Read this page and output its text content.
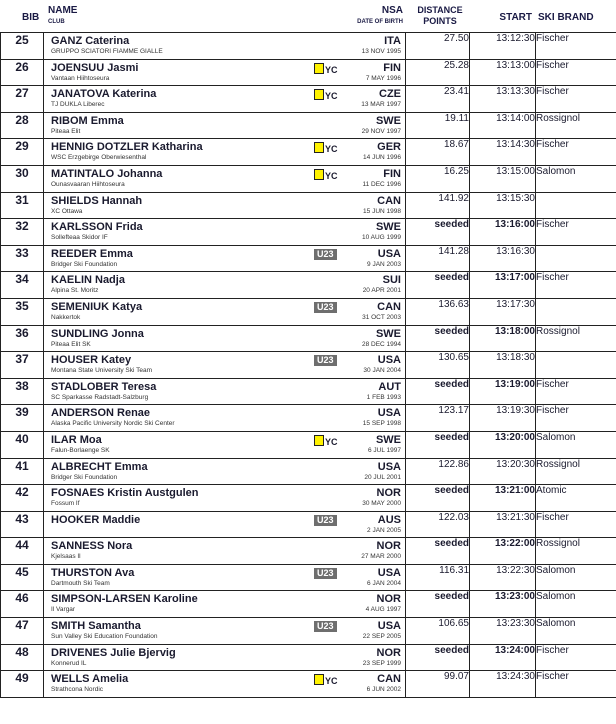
BIB
NAME
CLUB
NSA
DATE OF BIRTH
DISTANCE
POINTS	START SKI BRAND
25	GANZ Caterina
GRUPPO SCIATORI FIAMME GIALLE
ITA
13 NOV 1995	27.50	13:12:30	Fischer
26	JOENSUU Jasmi
Vantaan Hiihtoseura
YC FIN
7 MAY 1996	25.28	13:13:00	Fischer
27	JANATOVA Katerina
TJ DUKLA Liberec
YC CZE
13 MAR 1997	23.41	13:13:30	Fischer
28	RIBOM Emma
Piteaa Elit
SWE
29 NOV 1997	19.11	13:14:00	Rossignol
29	HENNIG DOTZLER Katharina
WSC Erzgebirge Oberwiesenthal
YC GER
14 JUN 1996	18.67	13:14:30	Fischer
30	MATINTALO Johanna
Ounasvaaran Hiihtoseura
YC FIN
11 DEC 1996	16.25	13:15:00	Salomon
31	SHIELDS Hannah
XC Ottawa
CAN
15 JUN 1998	141.92	13:15:30	
32	KARLSSON Frida
Sollefteaa Skidor IF
SWE
10 AUG 1999	seeded	13:16:00	Fischer
33	REEDER Emma
Bridger Ski Foundation
U23 USA
9 JAN 2003	141.28	13:16:30	
34	KAELIN Nadja
Alpina St. Moritz
SUI
20 APR 2001	seeded	13:17:00	Fischer
35	SEMENIUK Katya
Nakkertok
U23 CAN
31 OCT 2003	136.63	13:17:30	
36	SUNDLING Jonna
Piteaa Elit SK
SWE
28 DEC 1994	seeded	13:18:00	Rossignol
37	HOUSER Katey
Montana State University Ski Team
U23 USA
30 JAN 2004	130.65	13:18:30	
38	STADLOBER Teresa
SC Sparkasse Radstadt-Salzburg
AUT
1 FEB 1993	seeded	13:19:00	Fischer
39	ANDERSON Renae
Alaska Pacific University Nordic Ski Center
USA
15 SEP 1998	123.17	13:19:30	Fischer
40	ILAR Moa
Falun-Borlaenge SK
YC SWE
6 JUL 1997	seeded	13:20:00	Salomon
41	ALBRECHT Emma
Bridger Ski Foundation
USA
20 JUL 2001	122.86	13:20:30	Rossignol
42	FOSNAES Kristin Austgulen
Fossum If
NOR
30 MAY 2000	seeded	13:21:00	Atomic
43	HOOKER Maddie U23 AUS
2 JAN 2005	122.03	13:21:30	Fischer
44	SANNESS Nora
Kjelsaas Il
NOR
27 MAR 2000	seeded	13:22:00	Rossignol
45	THURSTON Ava
Dartmouth Ski Team
U23 USA
6 JAN 2004	116.31	13:22:30	Salomon
46	SIMPSON-LARSEN Karoline
Il Vargar
NOR
4 AUG 1997	seeded	13:23:00	Salomon
47	SMITH Samantha
Sun Valley Ski Education Foundation
U23 USA
22 SEP 2005	106.65	13:23:30	Salomon
48	DRIVENES Julie Bjervig
Konnerud IL
NOR
23 SEP 1999	seeded	13:24:00	Fischer
49	WELLS Amelia
Strathcona Nordic
YC CAN
6 JUN 2002	99.07	13:24:30	Fischer
